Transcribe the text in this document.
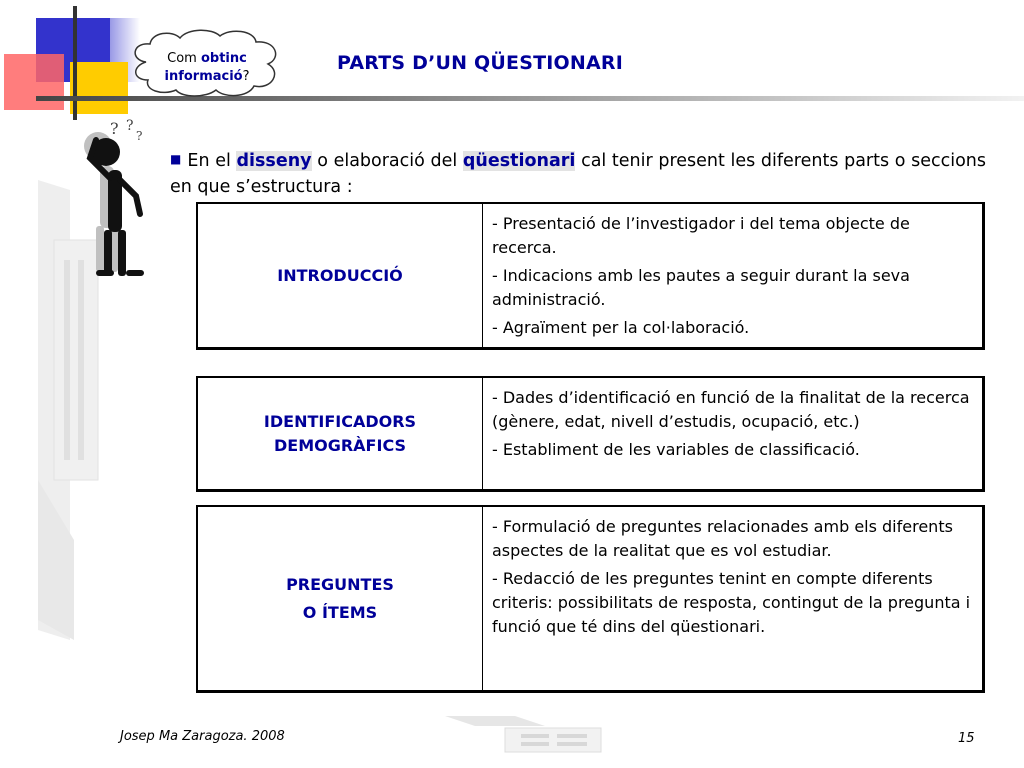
Com obtinc
informació?
PARTS D’UN QÜESTIONARI
? ?
?
■ En el disseny o elaboració del qüestionari cal tenir present les diferents parts o seccions en que s’estructura :
INTRODUCCIÓ

- Presentació de l’investigador i del tema objecte de recerca.

- Indicacions amb les pautes a seguir durant la seva administració.

- Agraïment per la col·laboració.

IDENTIFICADORS
DEMOGRÀFICS

- Dades d’identificació en funció de la finalitat de la recerca (gènere, edat, nivell d’estudis, ocupació, etc.)

- Establiment de les variables de classificació.

PREGUNTES
O ÍTEMS

- Formulació de preguntes relacionades amb els diferents aspectes de la realitat que es vol estudiar.

- Redacció de les preguntes tenint en compte diferents criteris: possibilitats de resposta, contingut de la pregunta i funció que té dins del qüestionari.

Josep Ma Zaragoza. 2008	15
